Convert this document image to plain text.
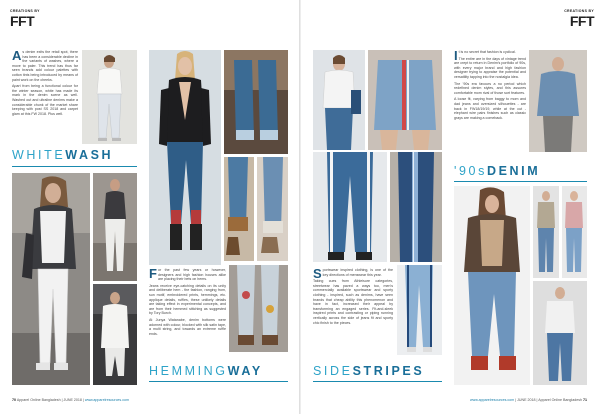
CREATIONS BY
FFT

As denim exits the retail spot, there has been a considerable decline in the variants of washes, where a move to paler. This trend has thus far seen brands add colour palettes with cotton tints being introduced by means of paint work on the cheeks.

Apart from being a functional colour for the winter season, white has made its mark in the denim scene as well. Washed out and ultraline denims make a considerable chunk of the market share keeping with post SS 2018 and carpet glam at this FW 2018. Plus well.

WHITEWASH

For the past few years or however, designers and high fashion houses alike are placing their bets on hems.

Jeans receive eye-catching details on its unity and deliberate hem - the fashion, ranging from, sun motif, embroidered prints, hemmings, etc. applique details, ruffles, these unlikely details are taking effect in experimental concepts, and are from their hemmed stitching as suggested by Tory Burch.

At Junya Watanabe, denim bottoms were adorned with colour, blocked with silk satin tape, a multi string, and towards an extreme ruffle ends.

HEMMINGWAY
70 Apparel Online Bangladesh | JUNE 2018 | www.apparelresources.com
CREATIONS BY
FFT

Sportswear inspired clothing, is one of the key directions of menswear this year.

Taking cues from Athleisure categories, streetwear has paved a ways too, men's commercially available sportswear and sporty clothing - inspired, such as denims, have seen brands that cheap ability this phenomenon and have in fact, increased their appeal by transforming an engaged series. Fit-and-sleek inspired prints and contrasting or piping running vertically across the side of jeans fit and sporty chic finish to the pieces.

SIDESTRIPES

It is no secret that fashion is cyclical.

The entire are in the days of vintage trend are crept to return in Denim's portfolio of 90s, with every major brand and high fashion designer trying to appraise the potential and versatility tapping into the nostalgia idea.

The '90s era favours a no period which redefined denim styles, and this assures comfortable mom rival of those sort features.

A loose fit, varying from baggy to mom and dad jeans and oversized silhouettes - are back in FW18/19/19, while at the cut - elephant wire pairs finishes such as classic grays are making a comeback.

'90sDENIM
www.apparelresources.com | JUNE 2018 | Apparel Online Bangladesh 71
